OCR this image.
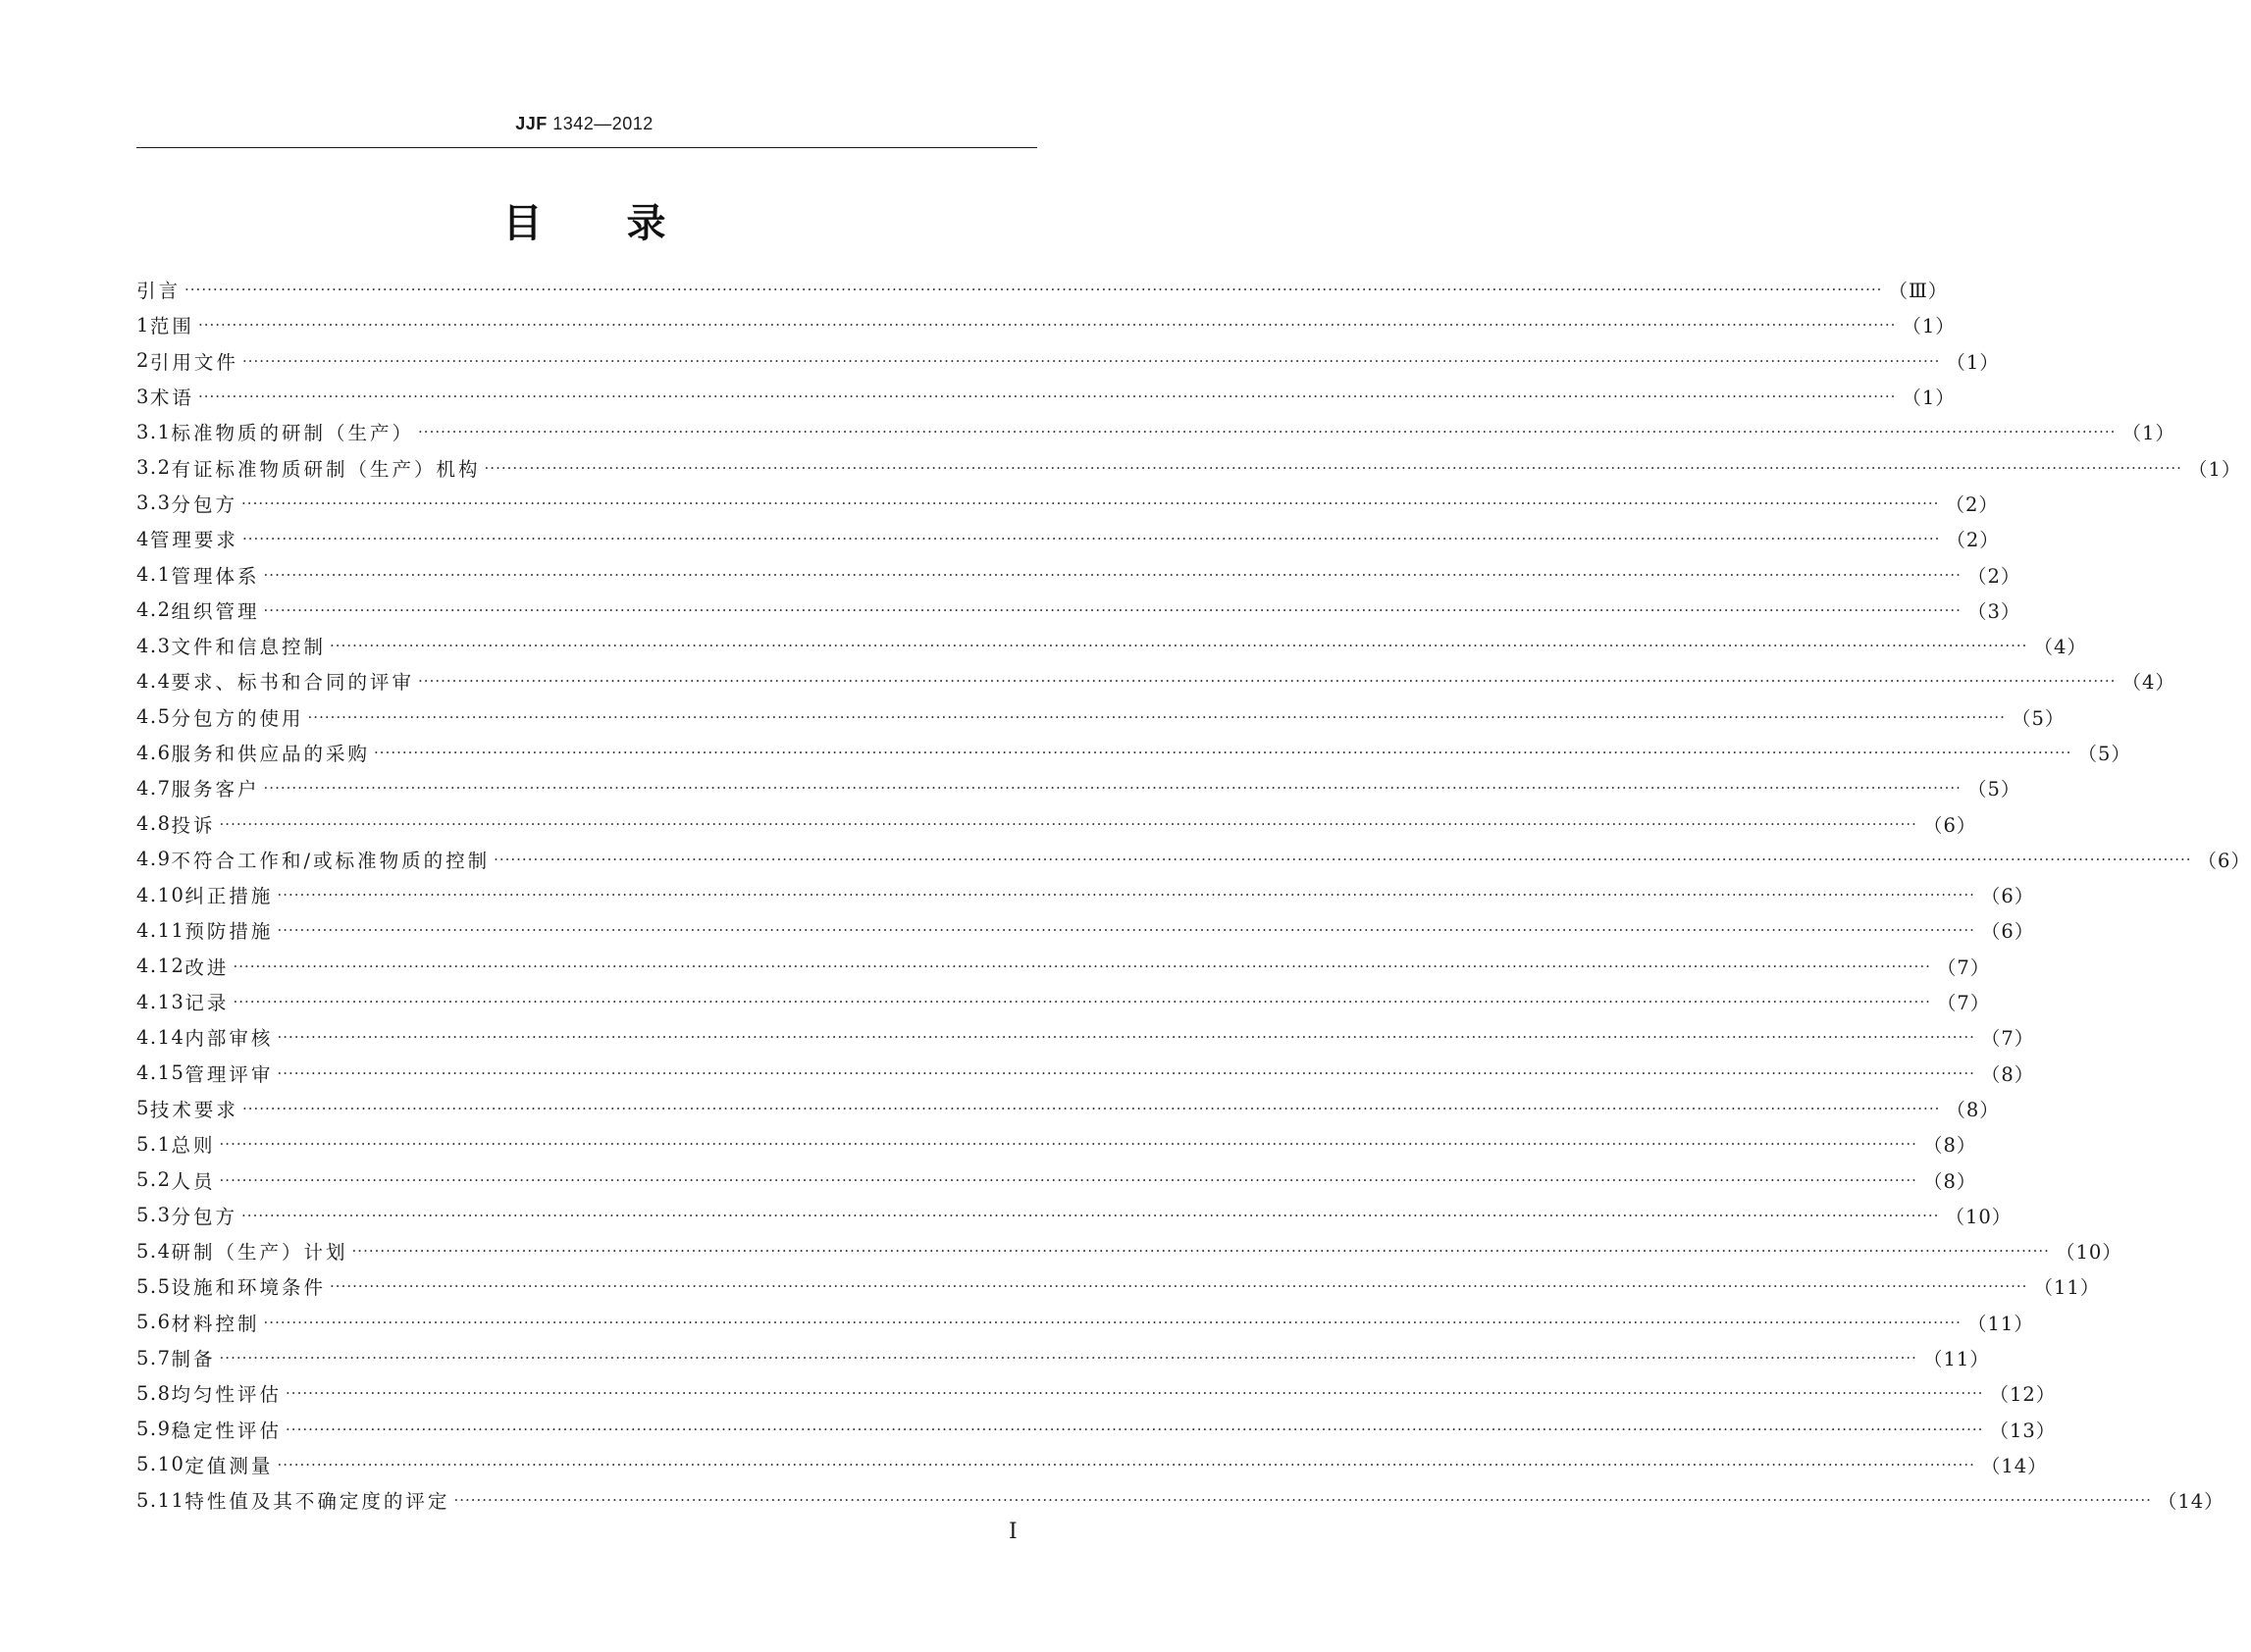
JJF 1342—2012
目 录
引言 ············································································································································································································································································································ （Ⅲ）
1 范围 ············································································································································································································································································································ （1）
2 引用文件 ············································································································································································································································································································ （1）
3 术语 ············································································································································································································································································································ （1）
3.1 标准物质的研制（生产） ············································································································································································································································································································ （1）
3.2 有证标准物质研制（生产）机构 ············································································································································································································································································································ （1）
3.3 分包方 ············································································································································································································································································································ （2）
4 管理要求 ············································································································································································································································································································ （2）
4.1 管理体系 ············································································································································································································································································································ （2）
4.2 组织管理 ············································································································································································································································································································ （3）
4.3 文件和信息控制 ············································································································································································································································································································ （4）
4.4 要求、标书和合同的评审 ············································································································································································································································································································ （4）
4.5 分包方的使用 ············································································································································································································································································································ （5）
4.6 服务和供应品的采购 ············································································································································································································································································································ （5）
4.7 服务客户 ············································································································································································································································································································ （5）
4.8 投诉 ············································································································································································································································································································ （6）
4.9 不符合工作和/或标准物质的控制 ············································································································································································································································································································ （6）
4.10 纠正措施 ············································································································································································································································································································ （6）
4.11 预防措施 ············································································································································································································································································································ （6）
4.12 改进 ············································································································································································································································································································ （7）
4.13 记录 ············································································································································································································································································································ （7）
4.14 内部审核 ············································································································································································································································································································ （7）
4.15 管理评审 ············································································································································································································································································································ （8）
5 技术要求 ············································································································································································································································································································ （8）
5.1 总则 ············································································································································································································································································································ （8）
5.2 人员 ············································································································································································································································································································ （8）
5.3 分包方 ············································································································································································································································································································ （10）
5.4 研制（生产）计划 ············································································································································································································································································································ （10）
5.5 设施和环境条件 ············································································································································································································································································································ （11）
5.6 材料控制 ············································································································································································································································································································ （11）
5.7 制备 ············································································································································································································································································································ （11）
5.8 均匀性评估 ············································································································································································································································································································ （12）
5.9 稳定性评估 ············································································································································································································································································································ （13）
5.10 定值测量 ············································································································································································································································································································ （14）
5.11 特性值及其不确定度的评定 ············································································································································································································································································································ （14）
Ⅰ
